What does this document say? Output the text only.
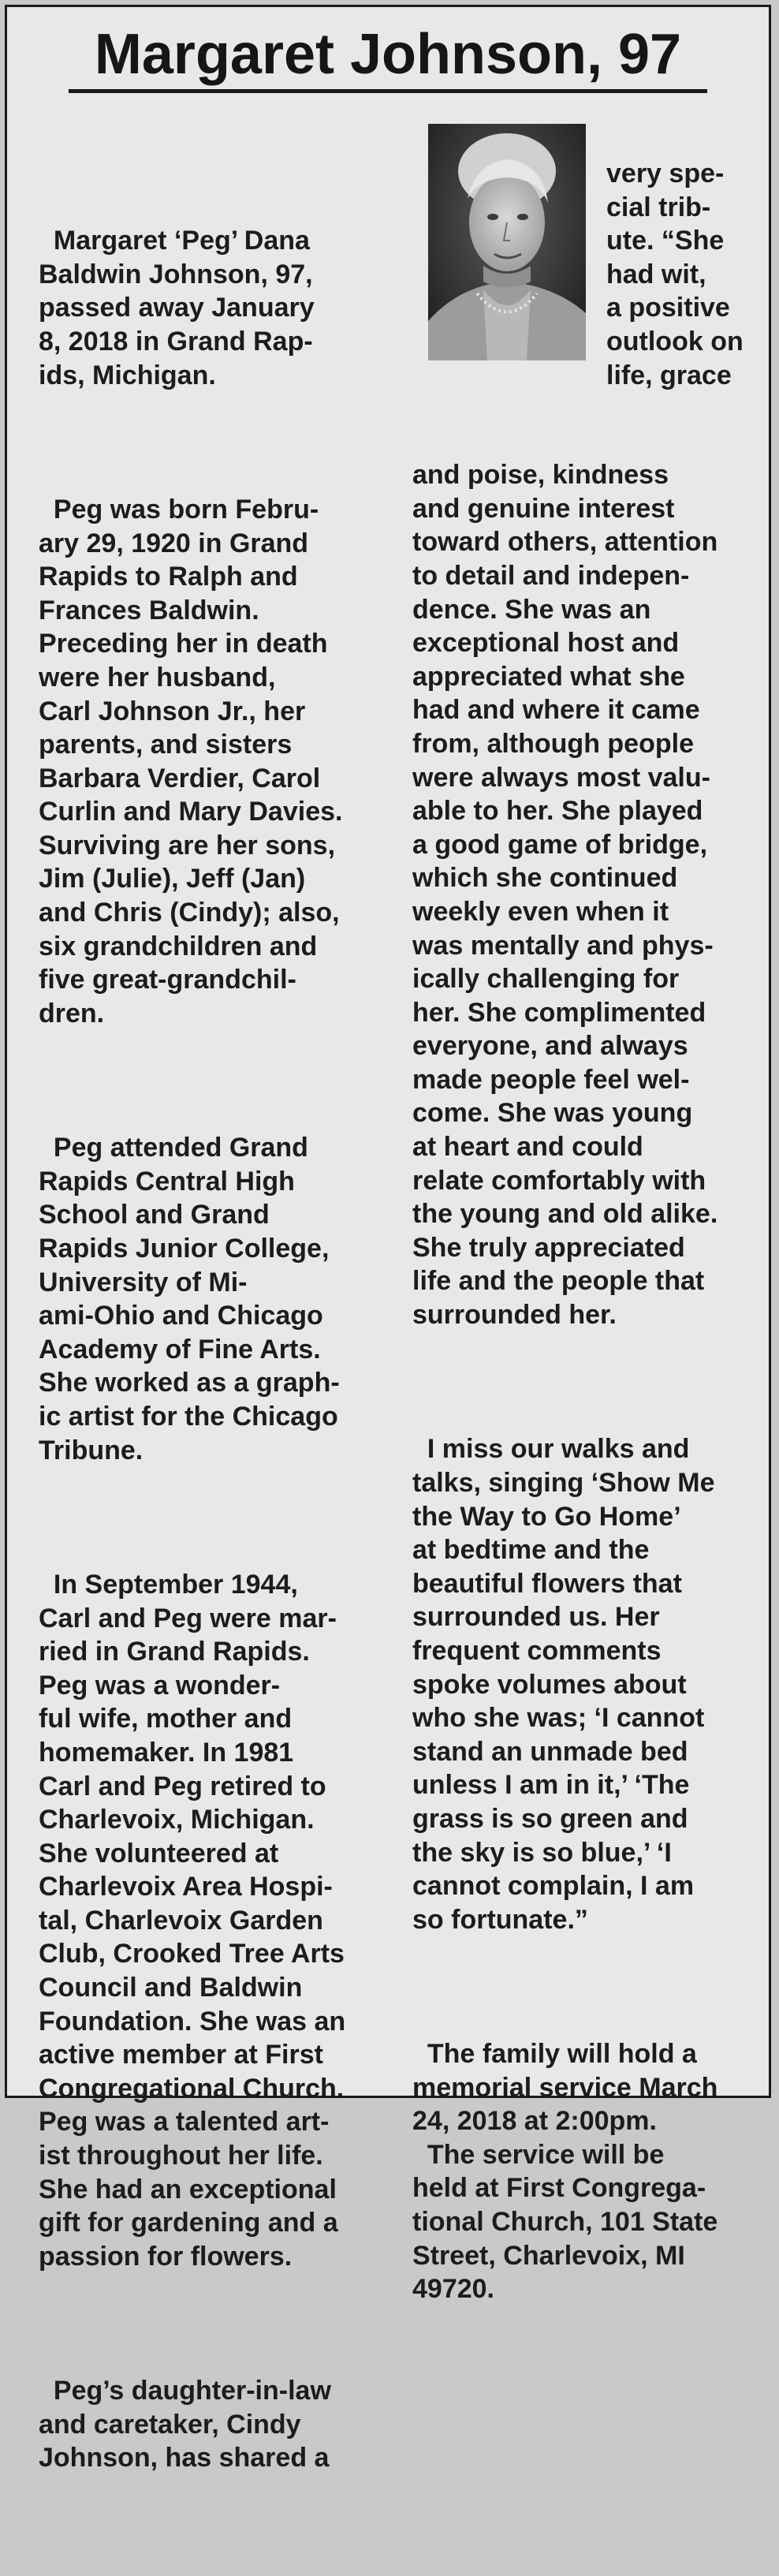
Margaret Johnson, 97

Margaret ‘Peg’ Dana
Baldwin Johnson, 97,
passed away January
8, 2018 in Grand Rap-
ids, Michigan.

Peg was born Febru-
ary 29, 1920 in Grand
Rapids to Ralph and
Frances Baldwin.
Preceding her in death
were her husband,
Carl Johnson Jr., her
parents, and sisters
Barbara Verdier, Carol
Curlin and Mary Davies.
Surviving are her sons,
Jim (Julie), Jeff (Jan)
and Chris (Cindy); also,
six grandchildren and
five great-grandchil-
dren.

Peg attended Grand
Rapids Central High
School and Grand
Rapids Junior College,
University of Mi-
ami-Ohio and Chicago
Academy of Fine Arts.
She worked as a graph-
ic artist for the Chicago
Tribune.

In September 1944,
Carl and Peg were mar-
ried in Grand Rapids.
Peg was a wonder-
ful wife, mother and
homemaker. In 1981
Carl and Peg retired to
Charlevoix, Michigan.
She volunteered at
Charlevoix Area Hospi-
tal, Charlevoix Garden
Club, Crooked Tree Arts
Council and Baldwin
Foundation. She was an
active member at First
Congregational Church.
Peg was a talented art-
ist throughout her life.
She had an exceptional
gift for gardening and a
passion for flowers.

Peg’s daughter-in-law
and caretaker, Cindy
Johnson, has shared a

very spe-
cial trib-
ute. “She
had wit,
a positive
outlook on
life, grace

and poise, kindness
and genuine interest
toward others, attention
to detail and indepen-
dence. She was an
exceptional host and
appreciated what she
had and where it came
from, although people
were always most valu-
able to her. She played
a good game of bridge,
which she continued
weekly even when it
was mentally and phys-
ically challenging for
her. She complimented
everyone, and always
made people feel wel-
come. She was young
at heart and could
relate comfortably with
the young and old alike.
She truly appreciated
life and the people that
surrounded her.

I miss our walks and
talks, singing ‘Show Me
the Way to Go Home’
at bedtime and the
beautiful flowers that
surrounded us. Her
frequent comments
spoke volumes about
who she was; ‘I cannot
stand an unmade bed
unless I am in it,’ ‘The
grass is so green and
the sky is so blue,’ ‘I
cannot complain, I am
so fortunate.”

The family will hold a
memorial service March
24, 2018 at 2:00pm.
The service will be
held at First Congrega-
tional Church, 101 State
Street, Charlevoix, MI
49720.
